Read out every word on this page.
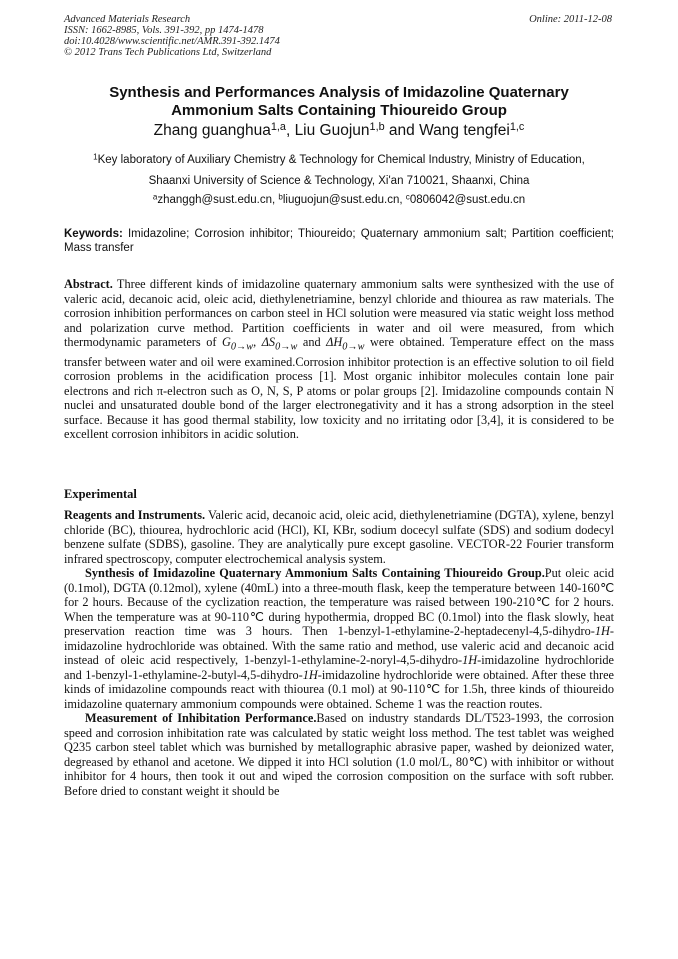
Advanced Materials Research
ISSN: 1662-8985, Vols. 391-392, pp 1474-1478
doi:10.4028/www.scientific.net/AMR.391-392.1474
© 2012 Trans Tech Publications Ltd, Switzerland
Online: 2011-12-08
Synthesis and Performances Analysis of Imidazoline Quaternary
Ammonium Salts Containing Thioureido Group
Zhang guanghua$^{1,a}$, Liu Guojun$^{1,b}$ and Wang tengfei$^{1,c}$
$^1$Key laboratory of Auxiliary Chemistry & Technology for Chemical Industry, Ministry of Education,
Shaanxi University of Science & Technology, Xi'an 710021, Shaanxi, China
$^a$zhanggh@sust.edu.cn, $^b$liuguojun@sust.edu.cn, $^c$0806042@sust.edu.cn
Keywords: Imidazoline; Corrosion inhibitor; Thioureido; Quaternary ammonium salt; Partition coefficient; Mass transfer
Abstract. Three different kinds of imidazoline quaternary ammonium salts were synthesized with the use of valeric acid, decanoic acid, oleic acid, diethylenetriamine, benzyl chloride and thiourea as raw materials. The corrosion inhibition performances on carbon steel in HCl solution were measured via static weight loss method and polarization curve method. Partition coefficients in water and oil were measured, from which thermodynamic parameters of $G_{0\to w}$, $\Delta S_{0\to w}$ and $\Delta H_{0\to w}$ were obtained. Temperature effect on the mass transfer between water and oil were examined.Corrosion inhibitor protection is an effective solution to oil field corrosion problems in the acidification process [1]. Most organic inhibitor molecules contain lone pair electrons and rich π-electron such as O, N, S, P atoms or polar groups [2]. Imidazoline compounds contain N nuclei and unsaturated double bond of the larger electronegativity and it has a strong adsorption in the steel surface. Because it has good thermal stability, low toxicity and no irritating odor [3,4], it is considered to be excellent corrosion inhibitors in acidic solution.
Experimental

Reagents and Instruments. Valeric acid, decanoic acid, oleic acid, diethylenetriamine (DGTA), xylene, benzyl chloride (BC), thiourea, hydrochloric acid (HCl), KI, KBr, sodium docecyl sulfate (SDS) and sodium dodecyl benzene sulfate (SDBS), gasoline. They are analytically pure except gasoline. VECTOR-22 Fourier transform infrared spectroscopy, computer electrochemical analysis system.

Synthesis of Imidazoline Quaternary Ammonium Salts Containing Thioureido Group.Put oleic acid (0.1mol), DGTA (0.12mol), xylene (40mL) into a three-mouth flask, keep the temperature between 140-160℃ for 2 hours. Because of the cyclization reaction, the temperature was raised between 190-210℃ for 2 hours. When the temperature was at 90-110℃ during hypothermia, dropped BC (0.1mol) into the flask slowly, heat preservation reaction time was 3 hours. Then 1-benzyl-1-ethylamine-2-heptadecenyl-4,5-dihydro-1H-imidazoline hydrochloride was obtained. With the same ratio and method, use valeric acid and decanoic acid instead of oleic acid respectively, 1-benzyl-1-ethylamine-2-noryl-4,5-dihydro-1H-imidazoline hydrochloride and 1-benzyl-1-ethylamine-2-butyl-4,5-dihydro-1H-imidazoline hydrochloride were obtained. After these three kinds of imidazoline compounds react with thiourea (0.1 mol) at 90-110℃ for 1.5h, three kinds of thioureido imidazoline quaternary ammonium compounds were obtained. Scheme 1 was the reaction routes.

Measurement of Inhibitation Performance.Based on industry standards DL/T523-1993, the corrosion speed and corrosion inhibitation rate was calculated by static weight loss method. The test tablet was weighed Q235 carbon steel tablet which was burnished by metallographic abrasive paper, washed by deionized water, degreased by ethanol and acetone. We dipped it into HCl solution (1.0 mol/L, 80℃) with inhibitor or without inhibitor for 4 hours, then took it out and wiped the corrosion composition on the surface with soft rubber. Before dried to constant weight it should be
